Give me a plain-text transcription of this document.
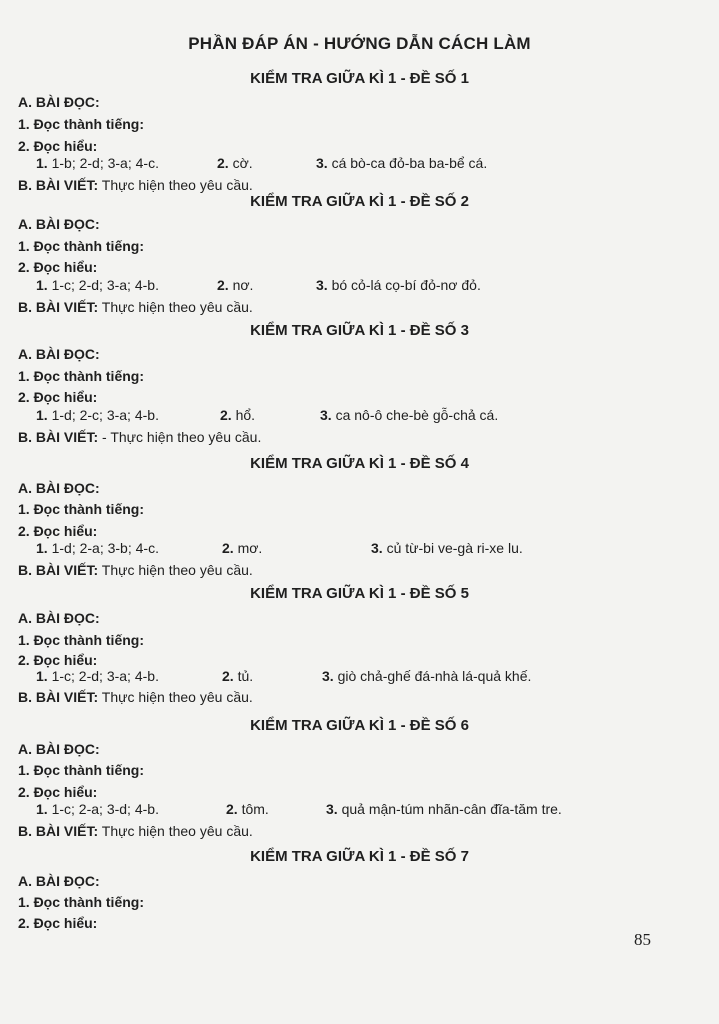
PHẦN ĐÁP ÁN - HƯỚNG DẪN CÁCH LÀM
KIỂM TRA GIỮA KÌ 1 - ĐỀ SỐ 1
A. BÀI ĐỌC:
1. Đọc thành tiếng:
2. Đọc hiểu:
1. 1-b; 2-d; 3-a; 4-c.	2. cờ.	3. cá bò-ca đỏ-ba ba-bể cá.
B. BÀI VIẾT: Thực hiện theo yêu cầu.
KIỂM TRA GIỮA KÌ 1 - ĐỀ SỐ 2
A. BÀI ĐỌC:
1. Đọc thành tiếng:
2. Đọc hiểu:
1. 1-c; 2-d; 3-a; 4-b.	2. nơ.	3. bó cỏ-lá cọ-bí đỏ-nơ đỏ.
B. BÀI VIẾT: Thực hiện theo yêu cầu.
KIỂM TRA GIỮA KÌ 1 - ĐỀ SỐ 3
A. BÀI ĐỌC:
1. Đọc thành tiếng:
2. Đọc hiểu:
1. 1-d; 2-c; 3-a; 4-b.	2. hổ.	3. ca nô-ô che-bè gỗ-chả cá.
B. BÀI VIẾT: - Thực hiện theo yêu cầu.
KIỂM TRA GIỮA KÌ 1 - ĐỀ SỐ 4
A. BÀI ĐỌC:
1. Đọc thành tiếng:
2. Đọc hiểu:
1. 1-d; 2-a; 3-b; 4-c.	2. mơ.	3. củ từ-bi ve-gà ri-xe lu.
B. BÀI VIẾT: Thực hiện theo yêu cầu.
KIỂM TRA GIỮA KÌ 1 - ĐỀ SỐ 5
A. BÀI ĐỌC:
1. Đọc thành tiếng:
2. Đọc hiểu:
1. 1-c; 2-d; 3-a; 4-b.	2. tủ.	3. giò chả-ghế đá-nhà lá-quả khế.
B. BÀI VIẾT: Thực hiện theo yêu cầu.
KIỂM TRA GIỮA KÌ 1 - ĐỀ SỐ 6
A. BÀI ĐỌC:
1. Đọc thành tiếng:
2. Đọc hiểu:
1. 1-c; 2-a; 3-d; 4-b.	2. tôm.	3. quả mận-túm nhãn-cân đĩa-tăm tre.
B. BÀI VIẾT: Thực hiện theo yêu cầu.
KIỂM TRA GIỮA KÌ 1 - ĐỀ SỐ 7
A. BÀI ĐỌC:
1. Đọc thành tiếng:
2. Đọc hiểu:
85
